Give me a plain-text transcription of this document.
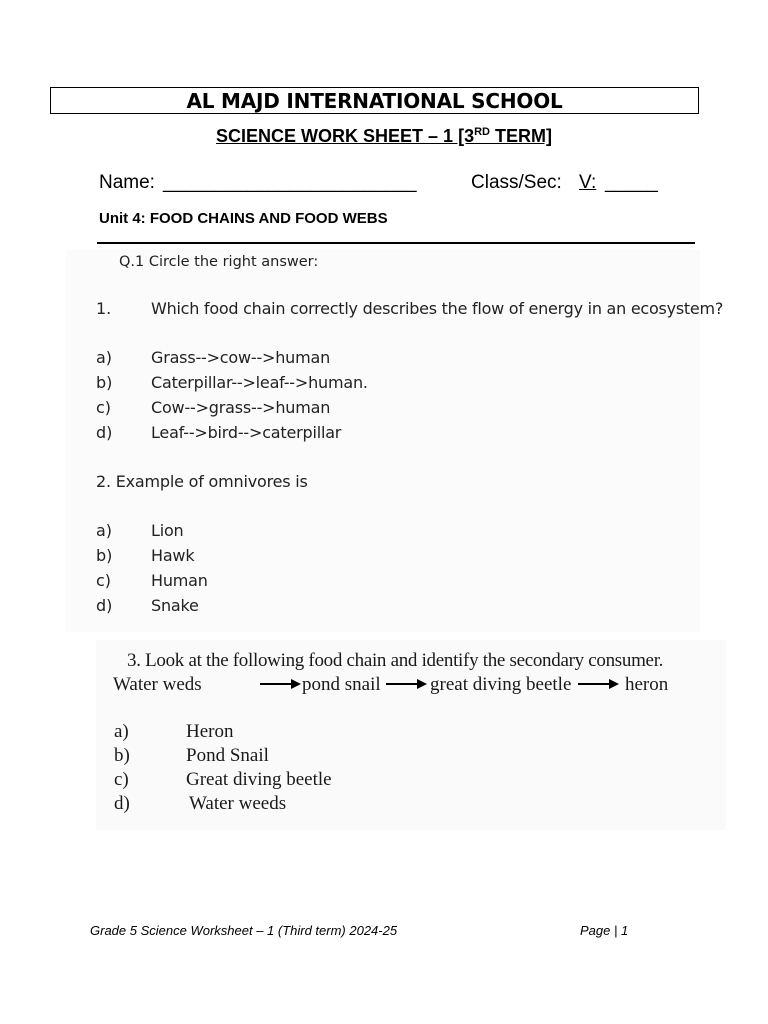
AL MAJD INTERNATIONAL SCHOOL
SCIENCE WORK SHEET – 1 [3RD TERM]
Name: ________________________	Class/Sec: V: _____
Unit 4: FOOD CHAINS AND FOOD WEBS
Q.1 Circle the right answer:
1. Which food chain correctly describes the flow of energy in an ecosystem?
a) Grass-->cow-->human
b) Caterpillar-->leaf-->human.
c) Cow-->grass-->human
d) Leaf-->bird-->caterpillar
2. Example of omnivores is
a) Lion
b) Hawk
c) Human
d) Snake
3. Look at the following food chain and identify the secondary consumer.
Water weds	pond snail	great diving beetle	heron
a)	Heron
b)	Pond Snail
c)	Great diving beetle
d)	Water weeds
Grade 5 Science Worksheet – 1 (Third term) 2024-25	Page | 1
